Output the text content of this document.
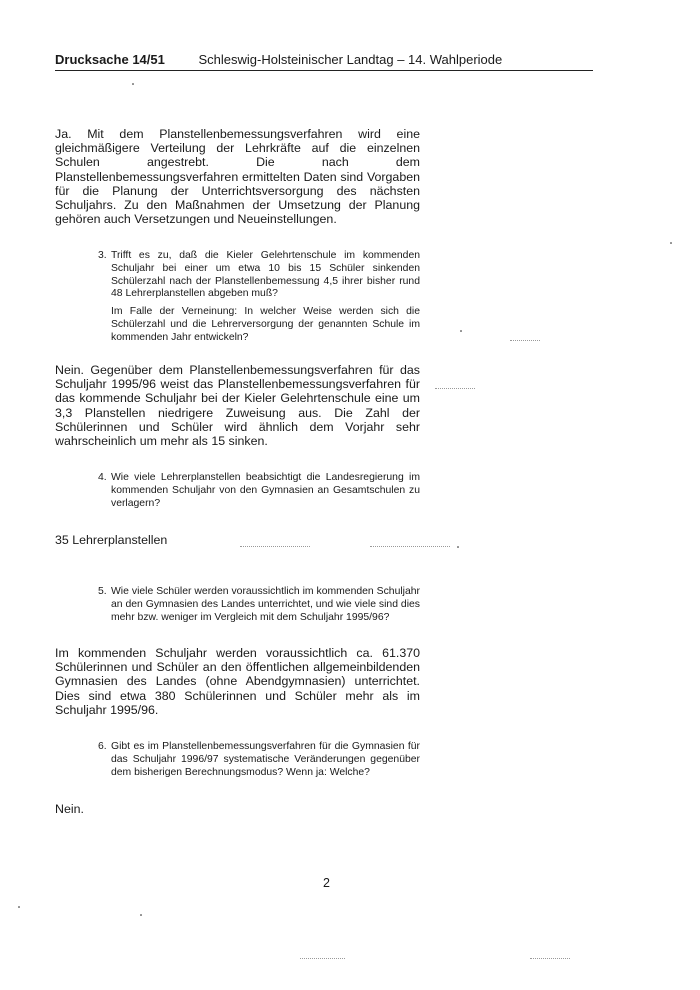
Drucksache 14/51	Schleswig-Holsteinischer Landtag – 14. Wahlperiode
Ja. Mit dem Planstellenbemessungsverfahren wird eine gleichmäßigere Verteilung der Lehrkräfte auf die einzelnen Schulen angestrebt. Die nach dem Planstellenbemessungsverfahren ermittelten Daten sind Vorgaben für die Planung der Unterrichtsversorgung des nächsten Schuljahrs. Zu den Maßnahmen der Umsetzung der Planung gehören auch Versetzungen und Neueinstellungen.
3. Trifft es zu, daß die Kieler Gelehrtenschule im kommenden Schuljahr bei einer um etwa 10 bis 15 Schüler sinkenden Schülerzahl nach der Planstellenbemessung 4,5 ihrer bisher rund 48 Lehrerplanstellen abgeben muß?

Im Falle der Verneinung: In welcher Weise werden sich die Schülerzahl und die Lehrerversorgung der genannten Schule im kommenden Jahr entwickeln?

Nein. Gegenüber dem Planstellenbemessungsverfahren für das Schuljahr 1995/96 weist das Planstellenbemessungsverfahren für das kommende Schuljahr bei der Kieler Gelehrtenschule eine um 3,3 Planstellen niedrigere Zuweisung aus. Die Zahl der Schülerinnen und Schüler wird ähnlich dem Vorjahr sehr wahrscheinlich um mehr als 15 sinken.
4. Wie viele Lehrerplanstellen beabsichtigt die Landesregierung im kommenden Schuljahr von den Gymnasien an Gesamtschulen zu verlagern?

35 Lehrerplanstellen
5. Wie viele Schüler werden voraussichtlich im kommenden Schuljahr an den Gymnasien des Landes unterrichtet, und wie viele sind dies mehr bzw. weniger im Vergleich mit dem Schuljahr 1995/96?

Im kommenden Schuljahr werden voraussichtlich ca. 61.370 Schülerinnen und Schüler an den öffentlichen allgemeinbildenden Gymnasien des Landes (ohne Abendgymnasien) unterrichtet. Dies sind etwa 380 Schülerinnen und Schüler mehr als im Schuljahr 1995/96.
6. Gibt es im Planstellenbemessungsverfahren für die Gymnasien für das Schuljahr 1996/97 systematische Veränderungen gegenüber dem bisherigen Berechnungsmodus? Wenn ja: Welche?

Nein.
2
